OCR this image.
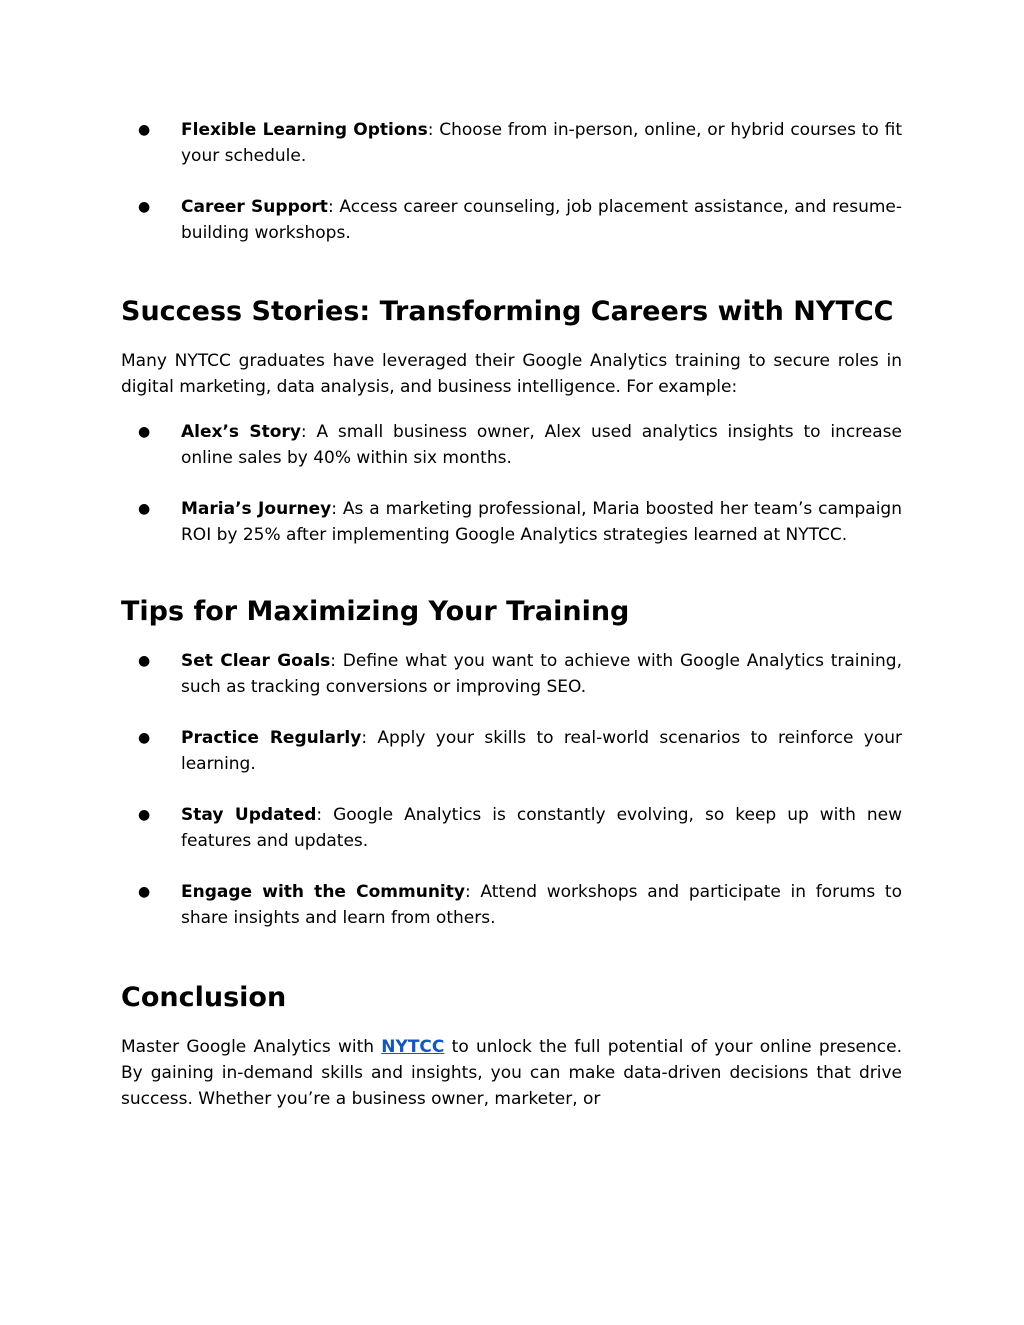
● Flexible Learning Options: Choose from in-person, online, or hybrid courses to fit your schedule.
● Career Support: Access career counseling, job placement assistance, and resume-building workshops.
Success Stories: Transforming Careers with NYTCC

Many NYTCC graduates have leveraged their Google Analytics training to secure roles in digital marketing, data analysis, and business intelligence. For example:

● Alex’s Story: A small business owner, Alex used analytics insights to increase online sales by 40% within six months.
● Maria’s Journey: As a marketing professional, Maria boosted her team’s campaign ROI by 25% after implementing Google Analytics strategies learned at NYTCC.
Tips for Maximizing Your Training
● Set Clear Goals: Define what you want to achieve with Google Analytics training, such as tracking conversions or improving SEO.
● Practice Regularly: Apply your skills to real-world scenarios to reinforce your learning.
● Stay Updated: Google Analytics is constantly evolving, so keep up with new features and updates.
● Engage with the Community: Attend workshops and participate in forums to share insights and learn from others.
Conclusion

Master Google Analytics with NYTCC to unlock the full potential of your online presence. By gaining in-demand skills and insights, you can make data-driven decisions that drive success. Whether you’re a business owner, marketer, or
